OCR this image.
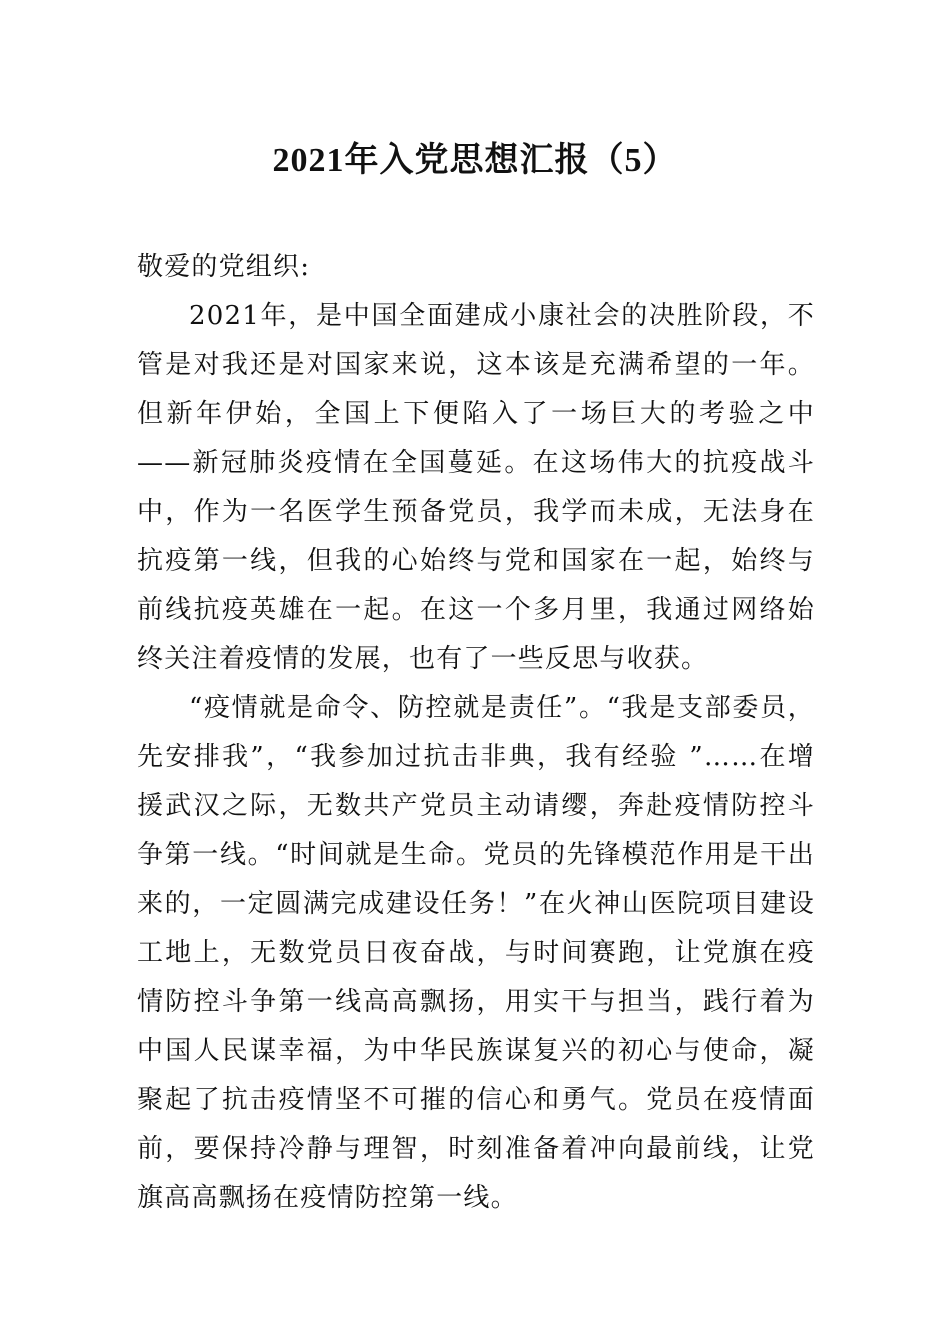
2021年入党思想汇报（5）

敬爱的党组织:

2021年，是中国全面建成小康社会的决胜阶段，不管是对我还是对国家来说，这本该是充满希望的一年。但新年伊始，全国上下便陷入了一场巨大的考验之中——新冠肺炎疫情在全国蔓延。在这场伟大的抗疫战斗中，作为一名医学生预备党员，我学而未成，无法身在抗疫第一线，但我的心始终与党和国家在一起，始终与前线抗疫英雄在一起。在这一个多月里，我通过网络始终关注着疫情的发展，也有了一些反思与收获。

“疫情就是命令、防控就是责任”。“我是支部委员，先安排我”，“我参加过抗击非典，我有经验 ”……在增援武汉之际，无数共产党员主动请缨，奔赴疫情防控斗争第一线。“时间就是生命。党员的先锋模范作用是干出来的，一定圆满完成建设任务！”在火神山医院项目建设工地上，无数党员日夜奋战，与时间赛跑，让党旗在疫情防控斗争第一线高高飘扬，用实干与担当，践行着为中国人民谋幸福，为中华民族谋复兴的初心与使命，凝聚起了抗击疫情坚不可摧的信心和勇气。党员在疫情面前，要保持冷静与理智，时刻准备着冲向最前线，让党旗高高飘扬在疫情防控第一线。
